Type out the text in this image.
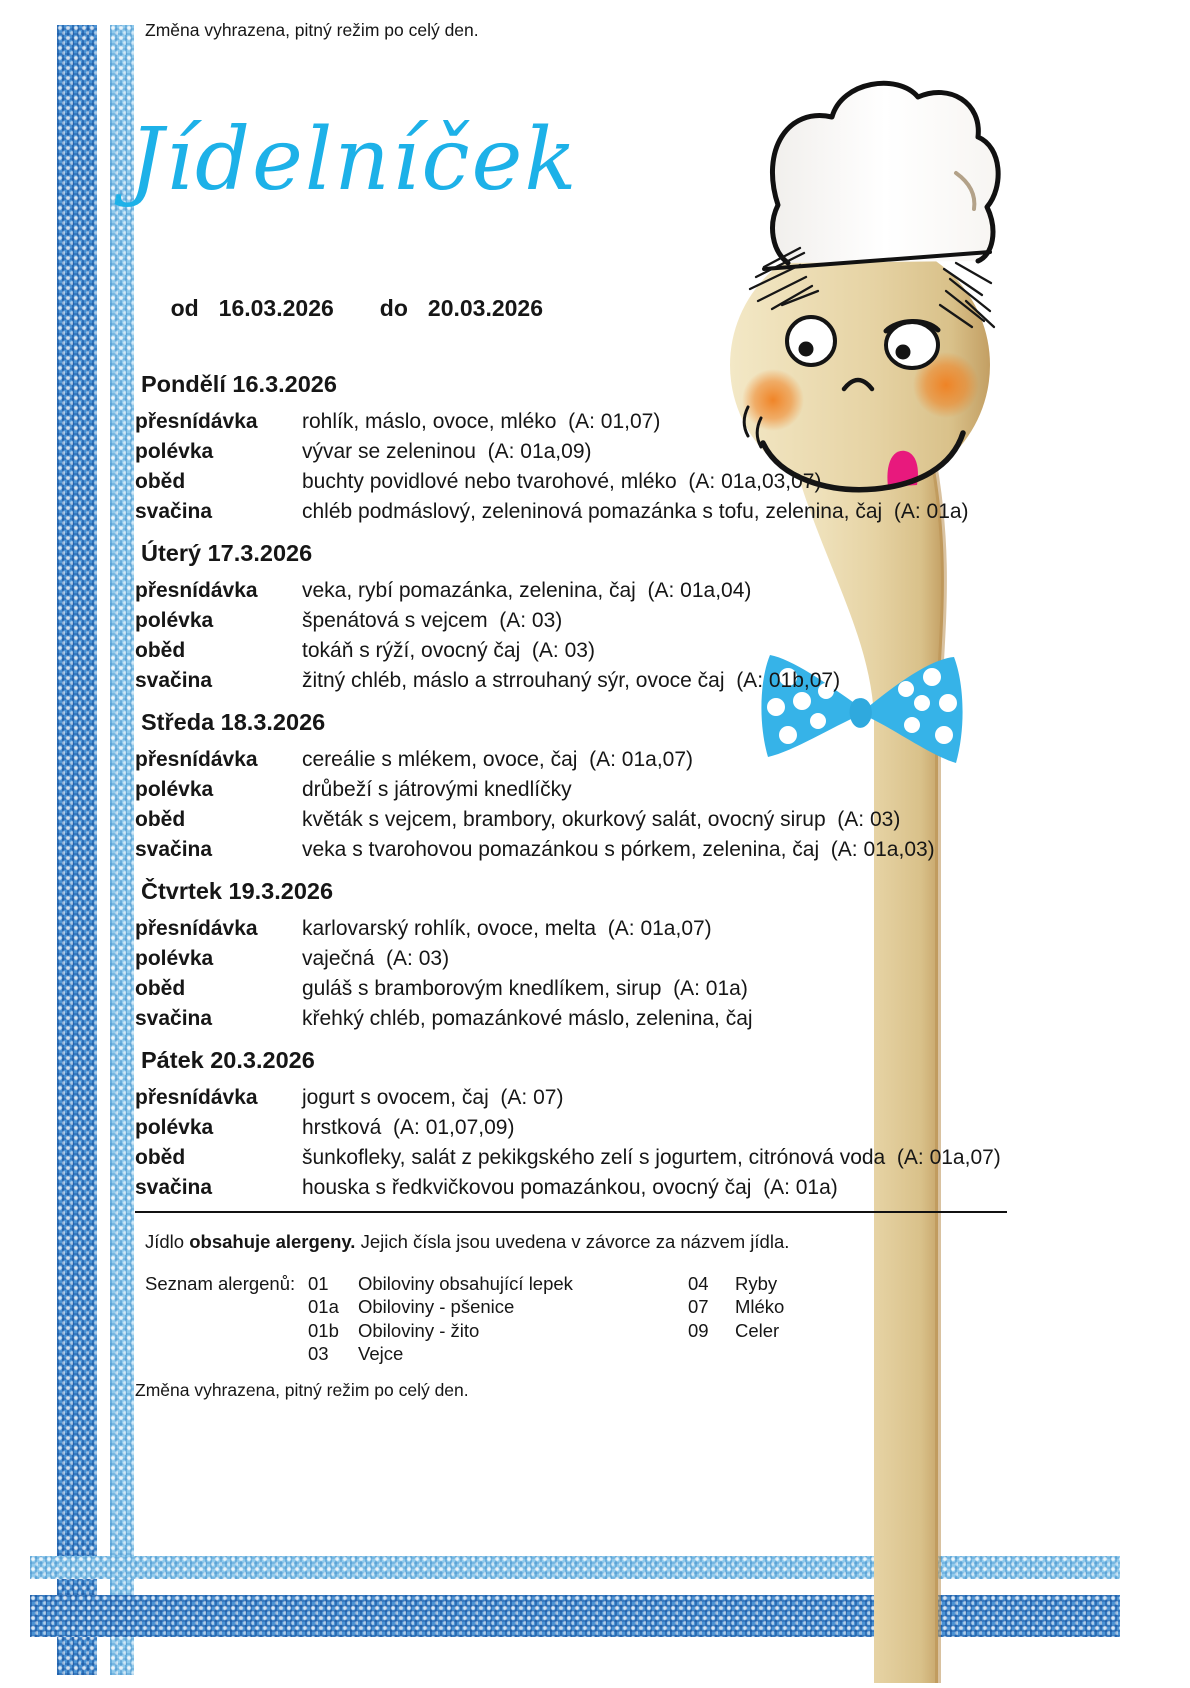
Změna vyhrazena, pitný režim po celý den.

Jídelníček

od 16.03.2026 do 20.03.2026

Pondělí 16.3.2026
přesnídávka	rohlík, máslo, ovoce, mléko  (A: 01,07)
polévka	vývar se zeleninou  (A: 01a,09)
oběd	buchty povidlové nebo tvarohové, mléko  (A: 01a,03,07)
svačina	chléb podmáslový, zeleninová pomazánka s tofu, zelenina, čaj  (A: 01a)
Úterý 17.3.2026
přesnídávka	veka, rybí pomazánka, zelenina, čaj  (A: 01a,04)
polévka	špenátová s vejcem  (A: 03)
oběd	tokáň s rýží, ovocný čaj  (A: 03)
svačina	žitný chléb, máslo a strrouhaný sýr, ovoce čaj  (A: 01b,07)
Středa 18.3.2026
přesnídávka	cereálie s mlékem, ovoce, čaj  (A: 01a,07)
polévka	drůbeží s játrovými knedlíčky
oběd	květák s vejcem, brambory, okurkový salát, ovocný sirup  (A: 03)
svačina	veka s tvarohovou pomazánkou s pórkem, zelenina, čaj  (A: 01a,03)
Čtvrtek 19.3.2026
přesnídávka	karlovarský rohlík, ovoce, melta  (A: 01a,07)
polévka	vaječná  (A: 03)
oběd	guláš s bramborovým knedlíkem, sirup  (A: 01a)
svačina	křehký chléb, pomazánkové máslo, zelenina, čaj
Pátek 20.3.2026
přesnídávka	jogurt s ovocem, čaj  (A: 07)
polévka	hrstková  (A: 01,07,09)
oběd	šunkofleky, salát z pekikgského zelí s jogurtem, citrónová voda  (A: 01a,07)
svačina	houska s ředkvičkovou pomazánkou, ovocný čaj  (A: 01a)

Jídlo obsahuje alergeny. Jejich čísla jsou uvedena v závorce za názvem jídla.

Seznam alergenů: 01	Obiloviny obsahující lepek	04	Ryby
01a	Obiloviny - pšenice	07	Mléko
01b	Obiloviny - žito	09	Celer
03	Vejce

Změna vyhrazena, pitný režim po celý den.
